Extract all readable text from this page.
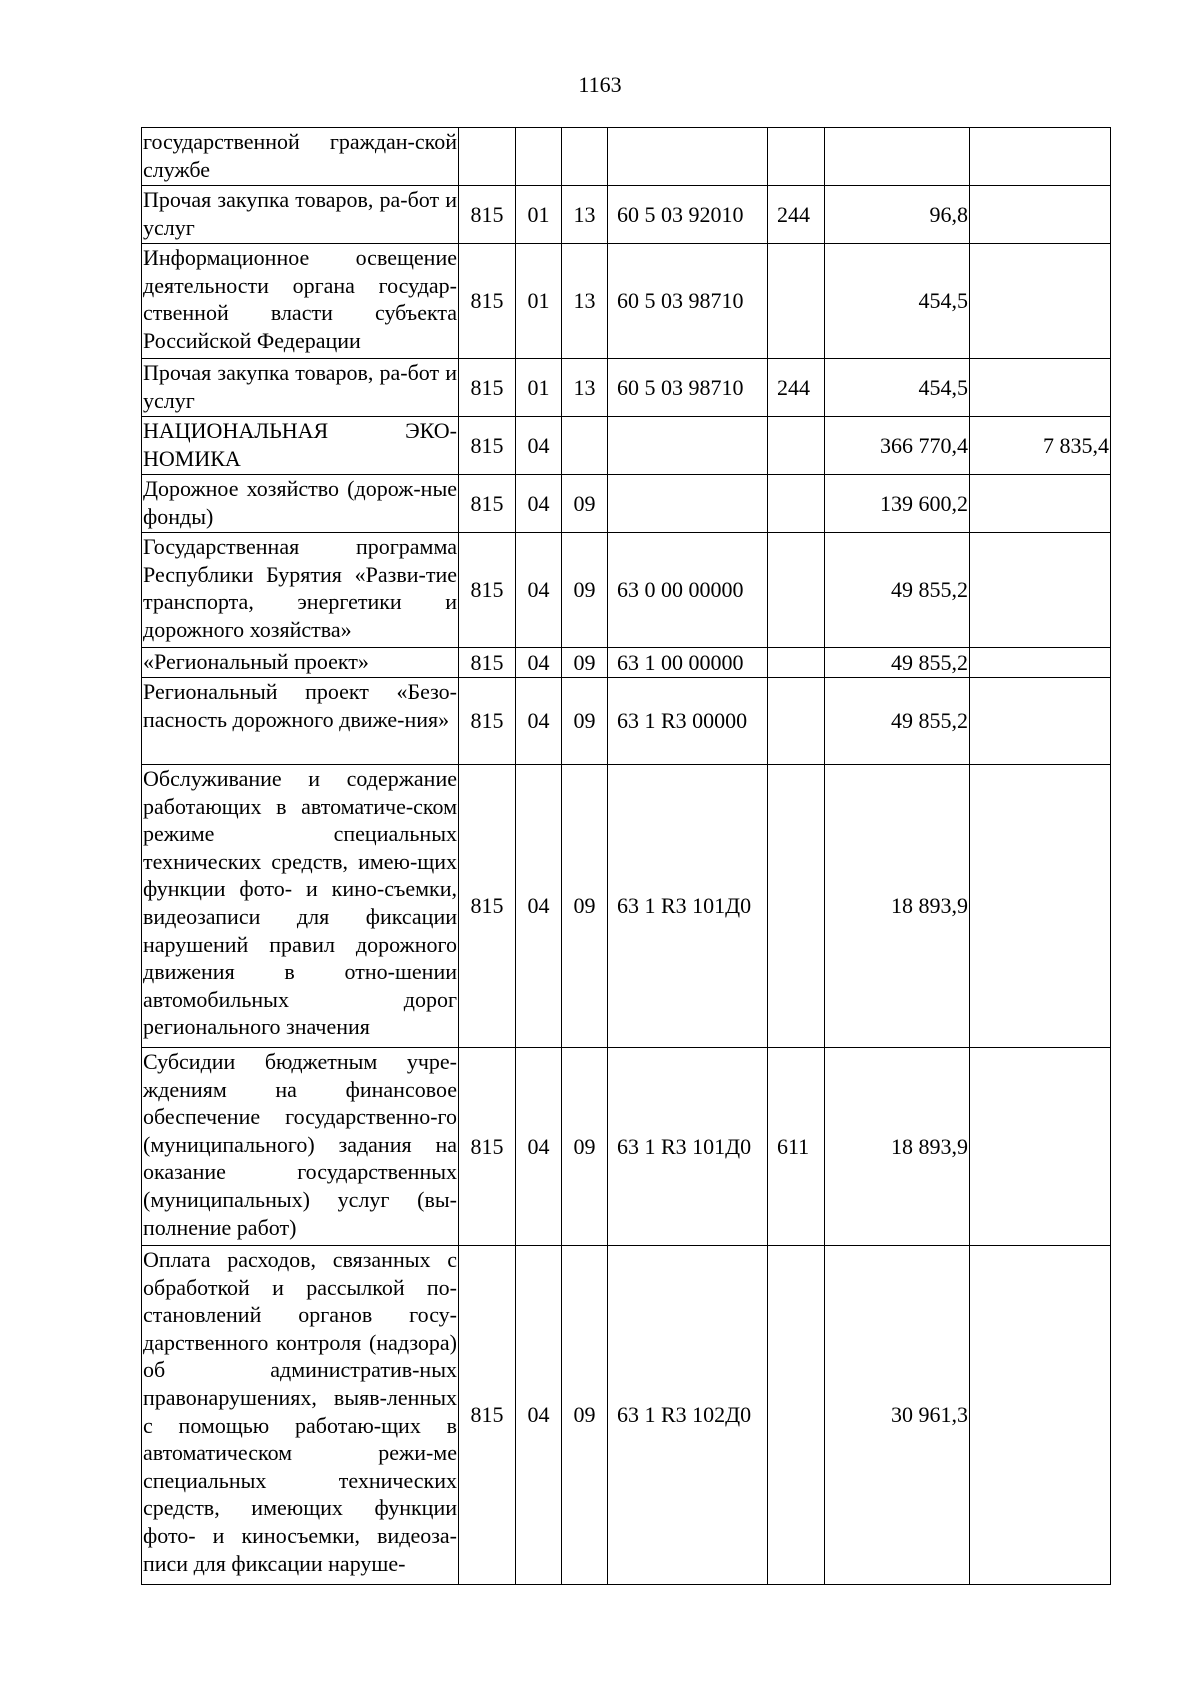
1163
государственной граждан-ской службе							
Прочая закупка товаров, ра-бот и услуг	815	01	13	60 5 03 92010	244	96,8	
Информационное освещение деятельности органа государ-ственной власти субъекта Российской Федерации	815	01	13	60 5 03 98710		454,5	
Прочая закупка товаров, ра-бот и услуг	815	01	13	60 5 03 98710	244	454,5	
НАЦИОНАЛЬНАЯ ЭКО-НОМИКА	815	04				366 770,4	7 835,4
Дорожное хозяйство (дорож-ные фонды)	815	04	09			139 600,2	
Государственная программа Республики Бурятия «Разви-тие транспорта, энергетики и дорожного хозяйства»	815	04	09	63 0 00 00000		49 855,2	
«Региональный проект»	815	04	09	63 1 00 00000		49 855,2	
Региональный проект «Безо-пасность дорожного движе-ния»	815	04	09	63 1 R3 00000		49 855,2	
Обслуживание и содержание работающих в автоматиче-ском режиме специальных технических средств, имею-щих функции фото- и кино-съемки, видеозаписи для фиксации нарушений правил дорожного движения в отно-шении автомобильных дорог регионального значения	815	04	09	63 1 R3 101Д0		18 893,9	
Субсидии бюджетным учре-ждениям на финансовое обеспечение государственно-го (муниципального) задания на оказание государственных (муниципальных) услуг (вы-полнение работ)	815	04	09	63 1 R3 101Д0	611	18 893,9	
Оплата расходов, связанных с обработкой и рассылкой по-становлений органов госу-дарственного контроля (надзора) об административ-ных правонарушениях, выяв-ленных с помощью работаю-щих в автоматическом режи-ме специальных технических средств, имеющих функции фото- и киносъемки, видеоза-писи для фиксации наруше-	815	04	09	63 1 R3 102Д0		30 961,3	
